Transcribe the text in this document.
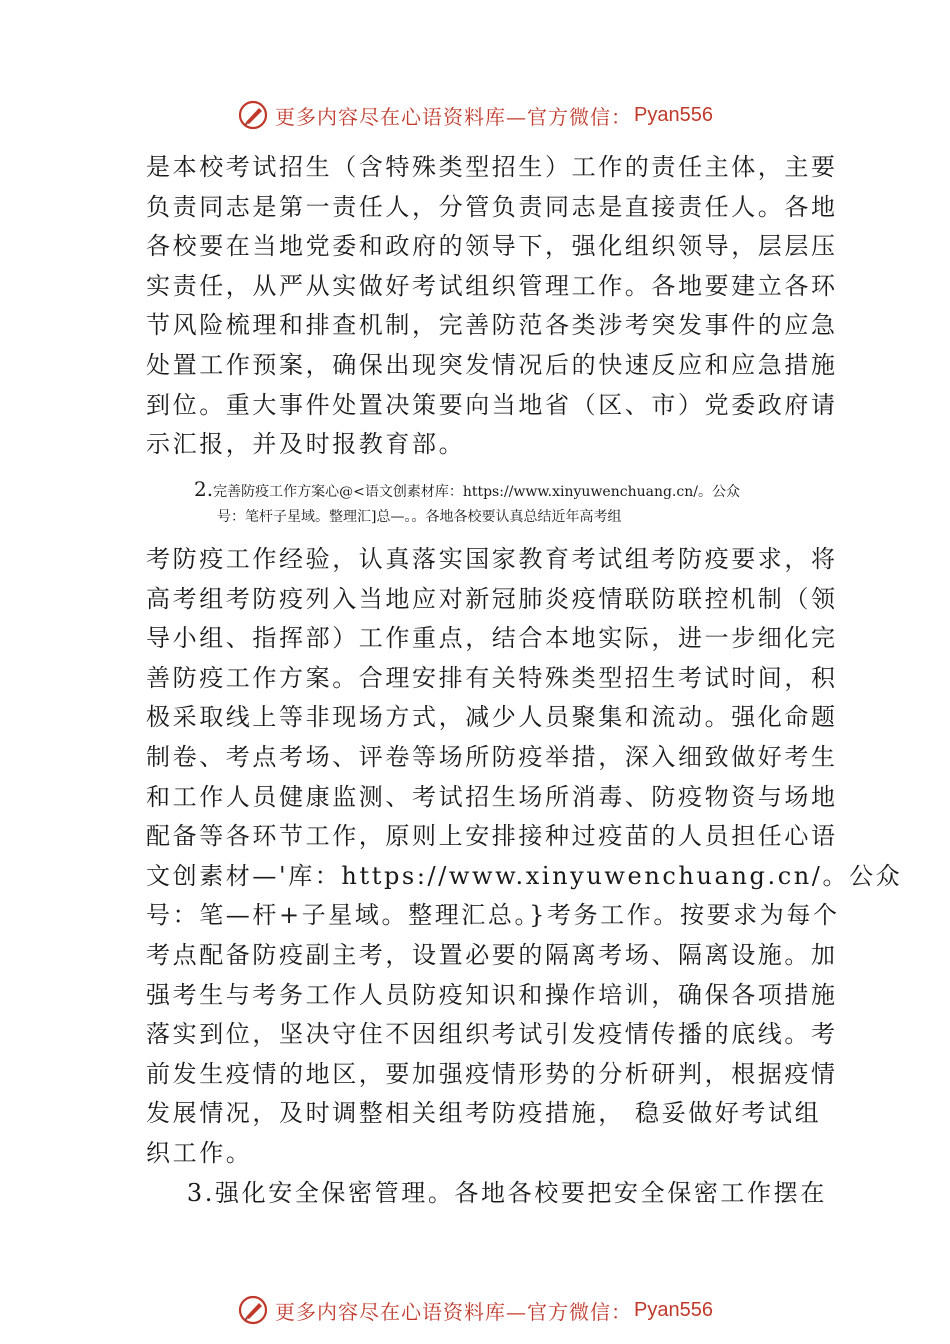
更多内容尽在心语资料库—官方微信： Pyan556
是本校考试招生（含特殊类型招生）工作的责任主体，主要
负责同志是第一责任人，分管负责同志是直接责任人。各地
各校要在当地党委和政府的领导下，强化组织领导，层层压
实责任，从严从实做好考试组织管理工作。各地要建立各环
节风险梳理和排查机制，完善防范各类涉考突发事件的应急
处置工作预案，确保出现突发情况后的快速反应和应急措施
到位。重大事件处置决策要向当地省（区、市）党委政府请
示汇报，并及时报教育部。

2.完善防疫工作方案心@<语文创素材库：https://www.xinyuwenchuang.cn/。公众

号：笔杆子星域。整理汇]总—。。各地各校要认真总结近年高考组

考防疫工作经验，认真落实国家教育考试组考防疫要求，将
高考组考防疫列入当地应对新冠肺炎疫情联防联控机制（领
导小组、指挥部）工作重点，结合本地实际，进一步细化完
善防疫工作方案。合理安排有关特殊类型招生考试时间，积
极采取线上等非现场方式，减少人员聚集和流动。强化命题
制卷、考点考场、评卷等场所防疫举措，深入细致做好考生
和工作人员健康监测、考试招生场所消毒、防疫物资与场地
配备等各环节工作，原则上安排接种过疫苗的人员担任心语
文创素材—'库：https://www.xinyuwenchuang.cn/。公众
号：笔—杆+子星域。整理汇总。}考务工作。按要求为每个
考点配备防疫副主考，设置必要的隔离考场、隔离设施。加
强考生与考务工作人员防疫知识和操作培训，确保各项措施
落实到位，坚决守住不因组织考试引发疫情传播的底线。考
前发生疫情的地区，要加强疫情形势的分析研判，根据疫情
发展情况，及时调整相关组考防疫措施， 稳妥做好考试组
织工作。
3.强化安全保密管理。各地各校要把安全保密工作摆在
更多内容尽在心语资料库—官方微信： Pyan556
